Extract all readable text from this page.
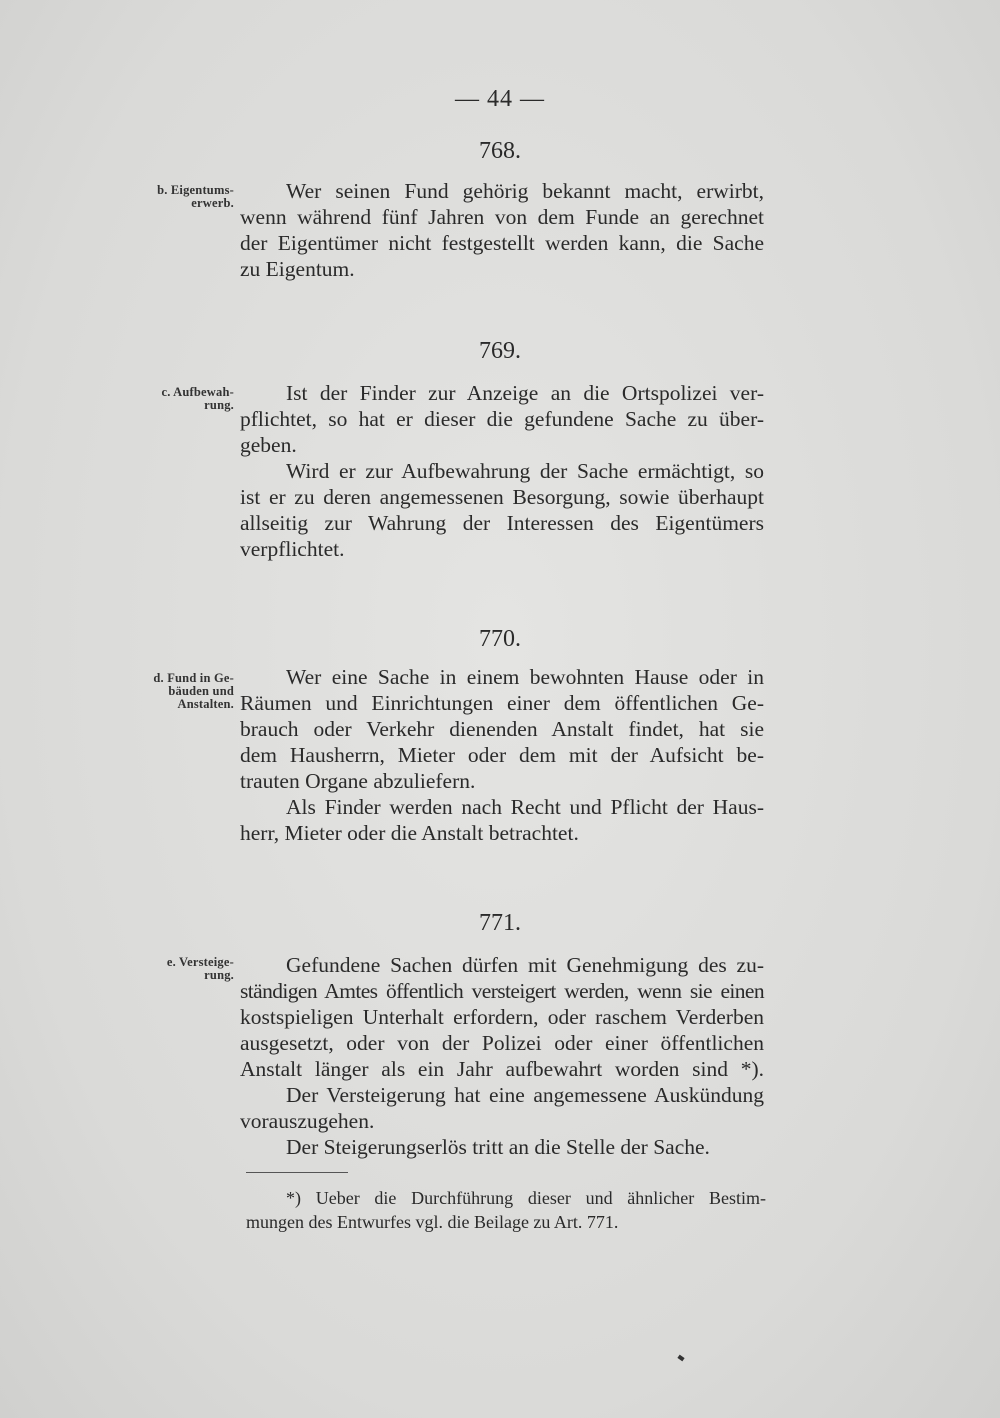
— 44 —
768.
b. Eigentums-
erwerb.	Wer seinen Fund gehörig bekannt macht, erwirbt,
wenn während fünf Jahren von dem Funde an gerechnet
der Eigentümer nicht festgestellt werden kann, die Sache
zu Eigentum.
769.
c. Aufbewah-
rung.	Ist der Finder zur Anzeige an die Ortspolizei ver-
pflichtet, so hat er dieser die gefundene Sache zu über-
geben.
Wird er zur Aufbewahrung der Sache ermächtigt, so
ist er zu deren angemessenen Besorgung, sowie überhaupt
allseitig zur Wahrung der Interessen des Eigentümers
verpflichtet.
770.
d. Fund in Ge-
bäuden und
Anstalten.
Wer eine Sache in einem bewohnten Hause oder in
Räumen und Einrichtungen einer dem öffentlichen Ge-
brauch oder Verkehr dienenden Anstalt findet, hat sie
dem Hausherrn, Mieter oder dem mit der Aufsicht be-
trauten Organe abzuliefern.
Als Finder werden nach Recht und Pflicht der Haus-
herr, Mieter oder die Anstalt betrachtet.
771.
e. Versteige-
rung.	Gefundene Sachen dürfen mit Genehmigung des zu-
ständigen Amtes öffentlich versteigert werden, wenn sie einen
kostspieligen Unterhalt erfordern, oder raschem Verderben
ausgesetzt, oder von der Polizei oder einer öffentlichen
Anstalt länger als ein Jahr aufbewahrt worden sind *).
Der Versteigerung hat eine angemessene Auskündung
vorauszugehen.
Der Steigerungserlös tritt an die Stelle der Sache.
*) Ueber die Durchführung dieser und ähnlicher Bestim-
mungen des Entwurfes vgl. die Beilage zu Art. 771.
